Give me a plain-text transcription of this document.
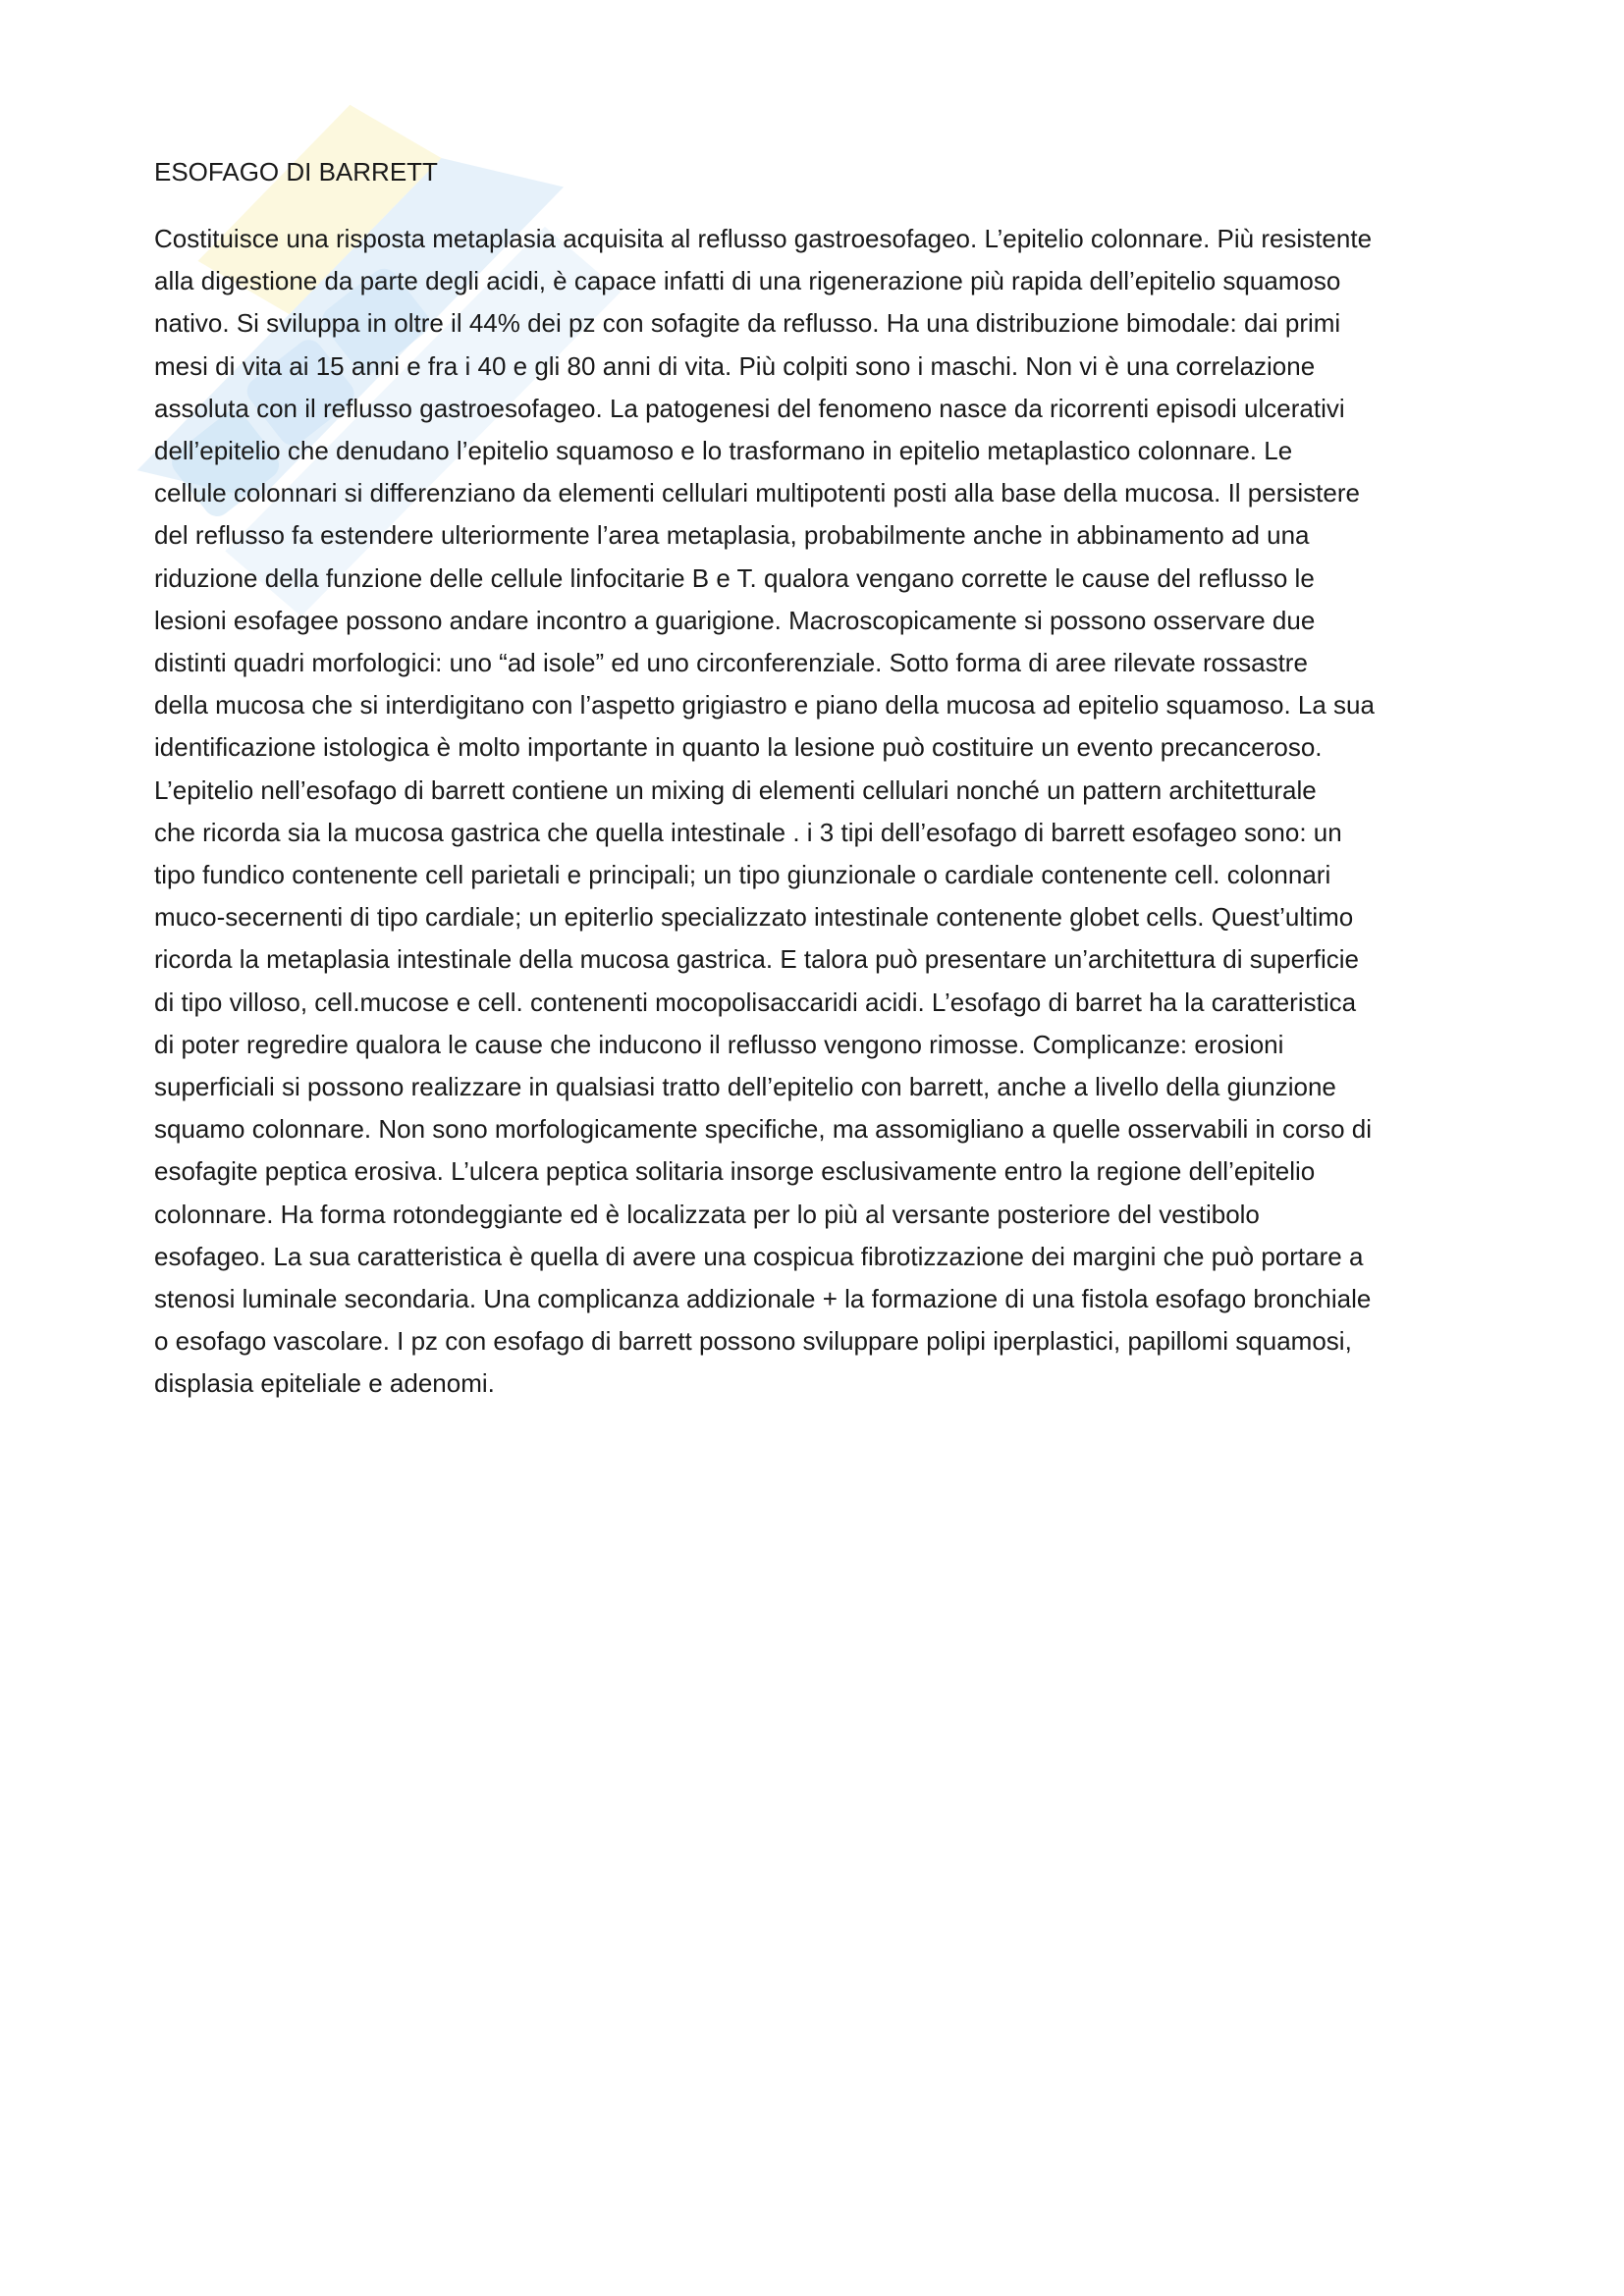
ESOFAGO DI BARRETT

Costituisce una risposta metaplasia acquisita al reflusso gastroesofageo. L’epitelio colonnare. Più resistente
alla digestione da parte degli acidi, è capace infatti di una rigenerazione più rapida dell’epitelio squamoso
nativo. Si sviluppa in oltre il 44% dei pz con sofagite da reflusso. Ha una distribuzione bimodale: dai primi
mesi di vita ai 15 anni e fra i 40 e gli 80 anni di vita. Più colpiti sono i maschi. Non vi è una correlazione
assoluta con il reflusso gastroesofageo. La patogenesi del fenomeno nasce da ricorrenti episodi ulcerativi
dell’epitelio che denudano l’epitelio squamoso e lo trasformano in epitelio metaplastico colonnare. Le
cellule colonnari si differenziano da elementi cellulari multipotenti posti alla base della mucosa. Il persistere
del reflusso fa estendere ulteriormente l’area metaplasia, probabilmente anche in abbinamento ad una
riduzione della funzione delle cellule linfocitarie B e T. qualora vengano corrette le cause del reflusso le
lesioni esofagee possono andare incontro a guarigione. Macroscopicamente si possono osservare due
distinti quadri morfologici: uno “ad isole” ed uno circonferenziale. Sotto forma di aree rilevate rossastre
della mucosa che si interdigitano con l’aspetto grigiastro e piano della mucosa ad epitelio squamoso. La sua
identificazione istologica è molto importante in quanto la lesione può costituire un evento precanceroso.
L’epitelio nell’esofago di barrett contiene un mixing di elementi cellulari nonché un pattern architetturale
che ricorda sia la mucosa gastrica che quella intestinale . i 3 tipi dell’esofago di barrett esofageo sono: un
tipo fundico contenente cell parietali e principali; un tipo giunzionale o cardiale contenente cell. colonnari
muco-secernenti di tipo cardiale; un epiterlio specializzato intestinale contenente globet cells. Quest’ultimo
ricorda la metaplasia intestinale della mucosa gastrica. E talora può presentare un’architettura di superficie
di tipo villoso, cell.mucose e cell. contenenti mocopolisaccaridi acidi. L’esofago di barret ha la caratteristica
di poter regredire qualora le cause che inducono il reflusso vengono rimosse. Complicanze: erosioni
superficiali si possono realizzare in qualsiasi tratto dell’epitelio con barrett, anche a livello della giunzione
squamo colonnare. Non sono morfologicamente specifiche, ma assomigliano a quelle osservabili in corso di
esofagite peptica erosiva. L’ulcera peptica solitaria insorge esclusivamente entro la regione dell’epitelio
colonnare. Ha forma rotondeggiante ed è localizzata per lo più al versante posteriore del vestibolo
esofageo. La sua caratteristica è quella di avere una cospicua fibrotizzazione dei margini che può portare a
stenosi luminale secondaria. Una complicanza addizionale + la formazione di una fistola esofago bronchiale
o esofago vascolare. I pz con esofago di barrett possono sviluppare polipi iperplastici, papillomi squamosi,
displasia epiteliale e adenomi.
